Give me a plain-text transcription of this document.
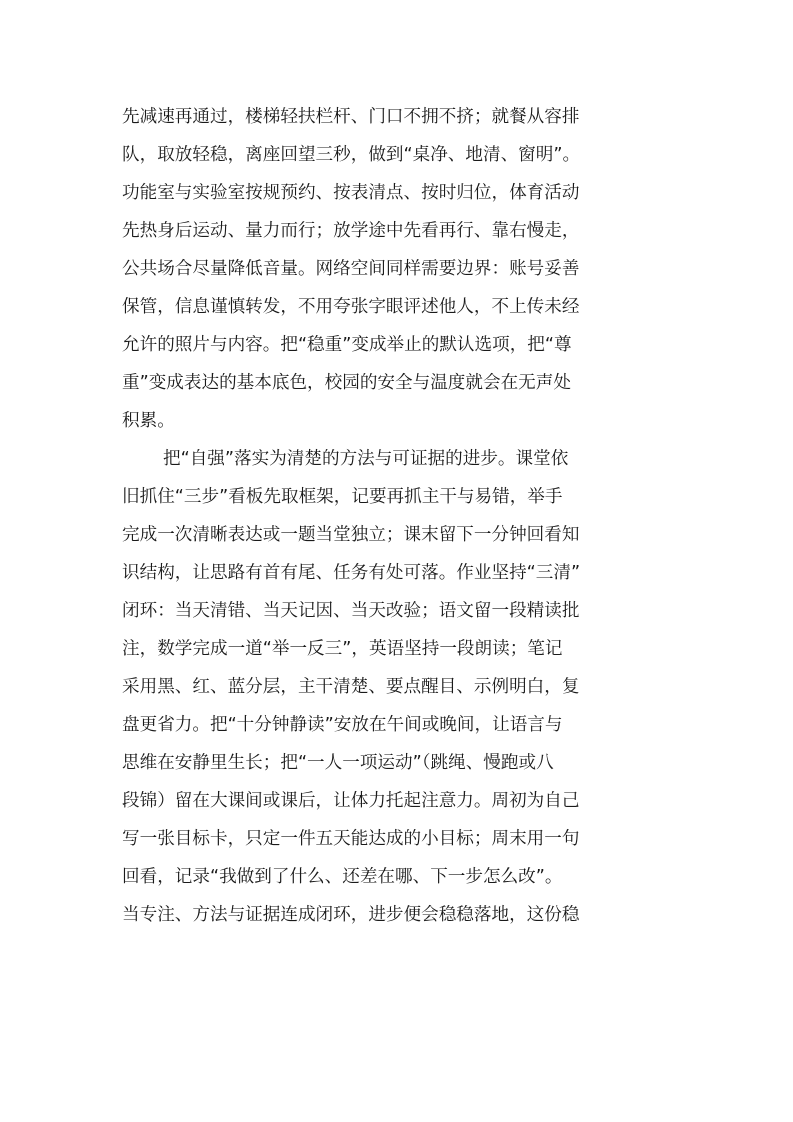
先减速再通过，楼梯轻扶栏杆、门口不拥不挤；就餐从容排
队，取放轻稳，离座回望三秒，做到“桌净、地清、窗明”。
功能室与实验室按规预约、按表清点、按时归位，体育活动
先热身后运动、量力而行；放学途中先看再行、靠右慢走，
公共场合尽量降低音量。网络空间同样需要边界：账号妥善
保管，信息谨慎转发，不用夸张字眼评述他人，不上传未经
允许的照片与内容。把“稳重”变成举止的默认选项，把“尊
重”变成表达的基本底色，校园的安全与温度就会在无声处
积累。
把“自强”落实为清楚的方法与可证据的进步。课堂依
旧抓住“三步”看板先取框架，记要再抓主干与易错，举手
完成一次清晰表达或一题当堂独立；课末留下一分钟回看知
识结构，让思路有首有尾、任务有处可落。作业坚持“三清”
闭环：当天清错、当天记因、当天改验；语文留一段精读批
注，数学完成一道“举一反三”，英语坚持一段朗读；笔记
采用黑、红、蓝分层，主干清楚、要点醒目、示例明白，复
盘更省力。把“十分钟静读”安放在午间或晚间，让语言与
思维在安静里生长；把“一人一项运动”（跳绳、慢跑或八
段锦）留在大课间或课后，让体力托起注意力。周初为自己
写一张目标卡，只定一件五天能达成的小目标；周末用一句
回看，记录“我做到了什么、还差在哪、下一步怎么改”。
当专注、方法与证据连成闭环，进步便会稳稳落地，这份稳
